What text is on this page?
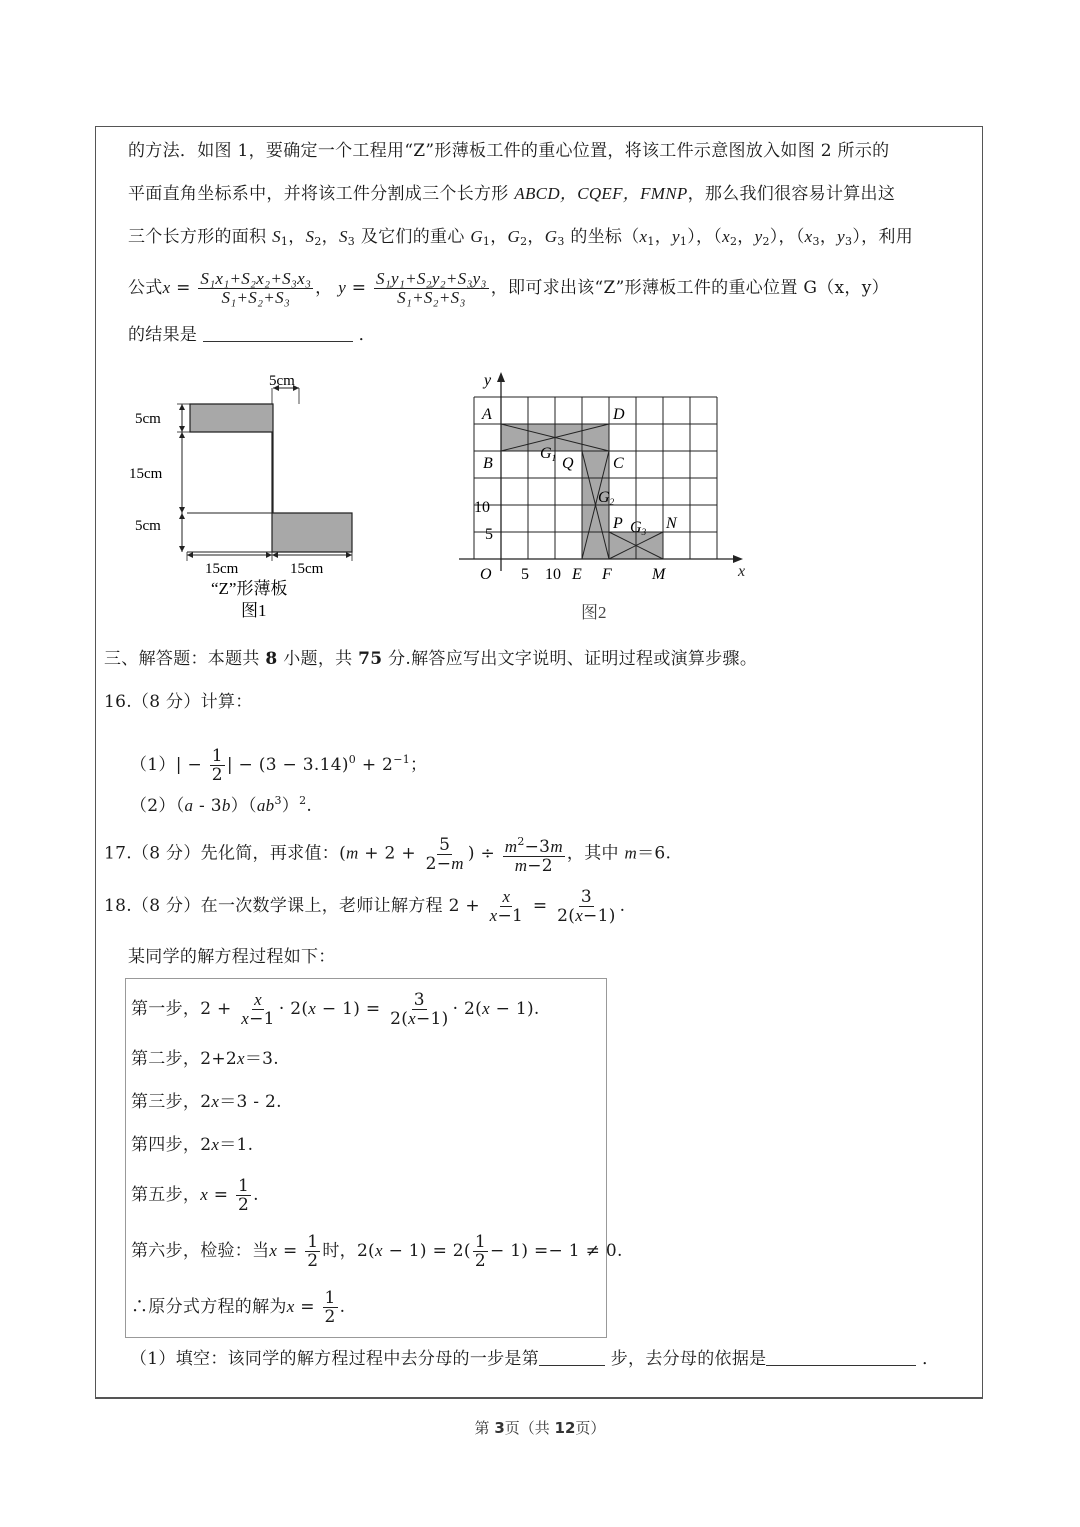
的方法．如图 1，要确定一个工程用“Z”形薄板工件的重心位置，将该工件示意图放入如图 2 所示的
平面直角坐标系中，并将该工件分割成三个长方形 ABCD，CQEF，FMNP，那么我们很容易计算出这
三个长方形的面积 $S_1$，$S_2$，$S_3$ 及它们的重心 $G_1$，$G_2$，$G_3$ 的坐标（$x_1$，$y_1$），（$x_2$，$y_2$），（$x_3$，$y_3$），利用
公式$x = \frac{\text{S₁x₁+S₂x₂+S₃x₃}}{\text{S₁+S₂+S₃}}$ ， $y = \frac{\text{S₁y₁+S₂y₂+S₃y₃}}{\text{S₁+S₂+S₃}}$ ，即可求出该“Z”形薄板工件的重心位置 G（x，y）
的结果是	．
5cm
5cm
15cm
5cm
15cm	15cm
“Z”形薄板
图1
x
y
O 5 10
10
5
A
B	C
D
Q
E F	M
N
P
G1
G2
G3
图2
三、解答题：本题共 8 小题，共 75 分.解答应写出文字说明、证明过程或演算步骤。
16.（8 分）计算：
$(1)| - \frac{1}{2}$ | − $(3 - 3.14)^0 + 2^{-1}$；
$(2)(a - 3b)(ab^3)^2$.
17.（8 分）先化简，再求值：($m + 2 + \frac{5}{2-m}$ ) ÷ $\frac{m^2-3m}{m-2}$ ，其中 m＝6.
18.（8 分）在一次数学课上，老师让解方程 $2 + \frac{x}{x-1} = \frac{3}{2(x-1)}$ .
某同学的解方程过程如下：
第一步，$2 + \frac{x}{x-1} \cdot 2(x - 1) = \frac{3}{2(x-1)} \cdot 2(x - 1)$.
第二步，2+2x＝3.
第三步，2x＝3 - 2.
第四步，2x＝1.
第五步，$x = \frac{1}{2}$ .
第六步，检验：当$x = \frac{1}{2}$ 时，$2(x - 1) = 2( \frac{1}{2} - 1) =- 1 \ne 0$.
∴原分式方程的解为$x = \frac{1}{2}$ .
（1）填空：该同学的解方程过程中去分母的一步是第	步，去分母的依据是	．
第 3页（共 12页）
